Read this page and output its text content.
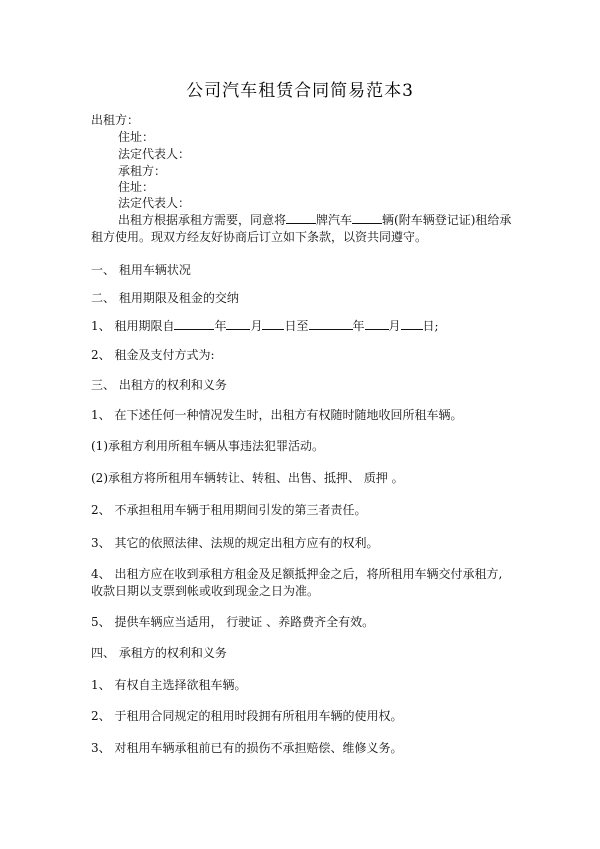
公司汽车租赁合同简易范本3
出租方：
住址：
法定代表人：
承租方：
住址：
法定代表人：
出租方根据承租方需要，同意将	牌汽车	辆(附车辆登记证)租给承
租方使用。现双方经友好协商后订立如下条款，以资共同遵守。
一、 租用车辆状况
二、 租用期限及租金的交纳
1、 租用期限自	年 月 日至	年 月 日;
2、 租金及支付方式为:
三、 出租方的权利和义务
1、 在下述任何一种情况发生时，出租方有权随时随地收回所租车辆。
(1)承租方利用所租车辆从事违法犯罪活动。
(2)承租方将所租用车辆转让、转租、出售、抵押、 质押 。
2、 不承担租用车辆于租用期间引发的第三者责任。
3、 其它的依照法律、法规的规定出租方应有的权利。
4、 出租方应在收到承租方租金及足额抵押金之后，将所租用车辆交付承租方,
收款日期以支票到帐或收到现金之日为准。
5、 提供车辆应当适用， 行驶证 、养路费齐全有效。
四、 承租方的权利和义务
1、 有权自主选择欲租车辆。
2、 于租用合同规定的租用时段拥有所租用车辆的使用权。
3、 对租用车辆承租前已有的损伤不承担赔偿、维修义务。
